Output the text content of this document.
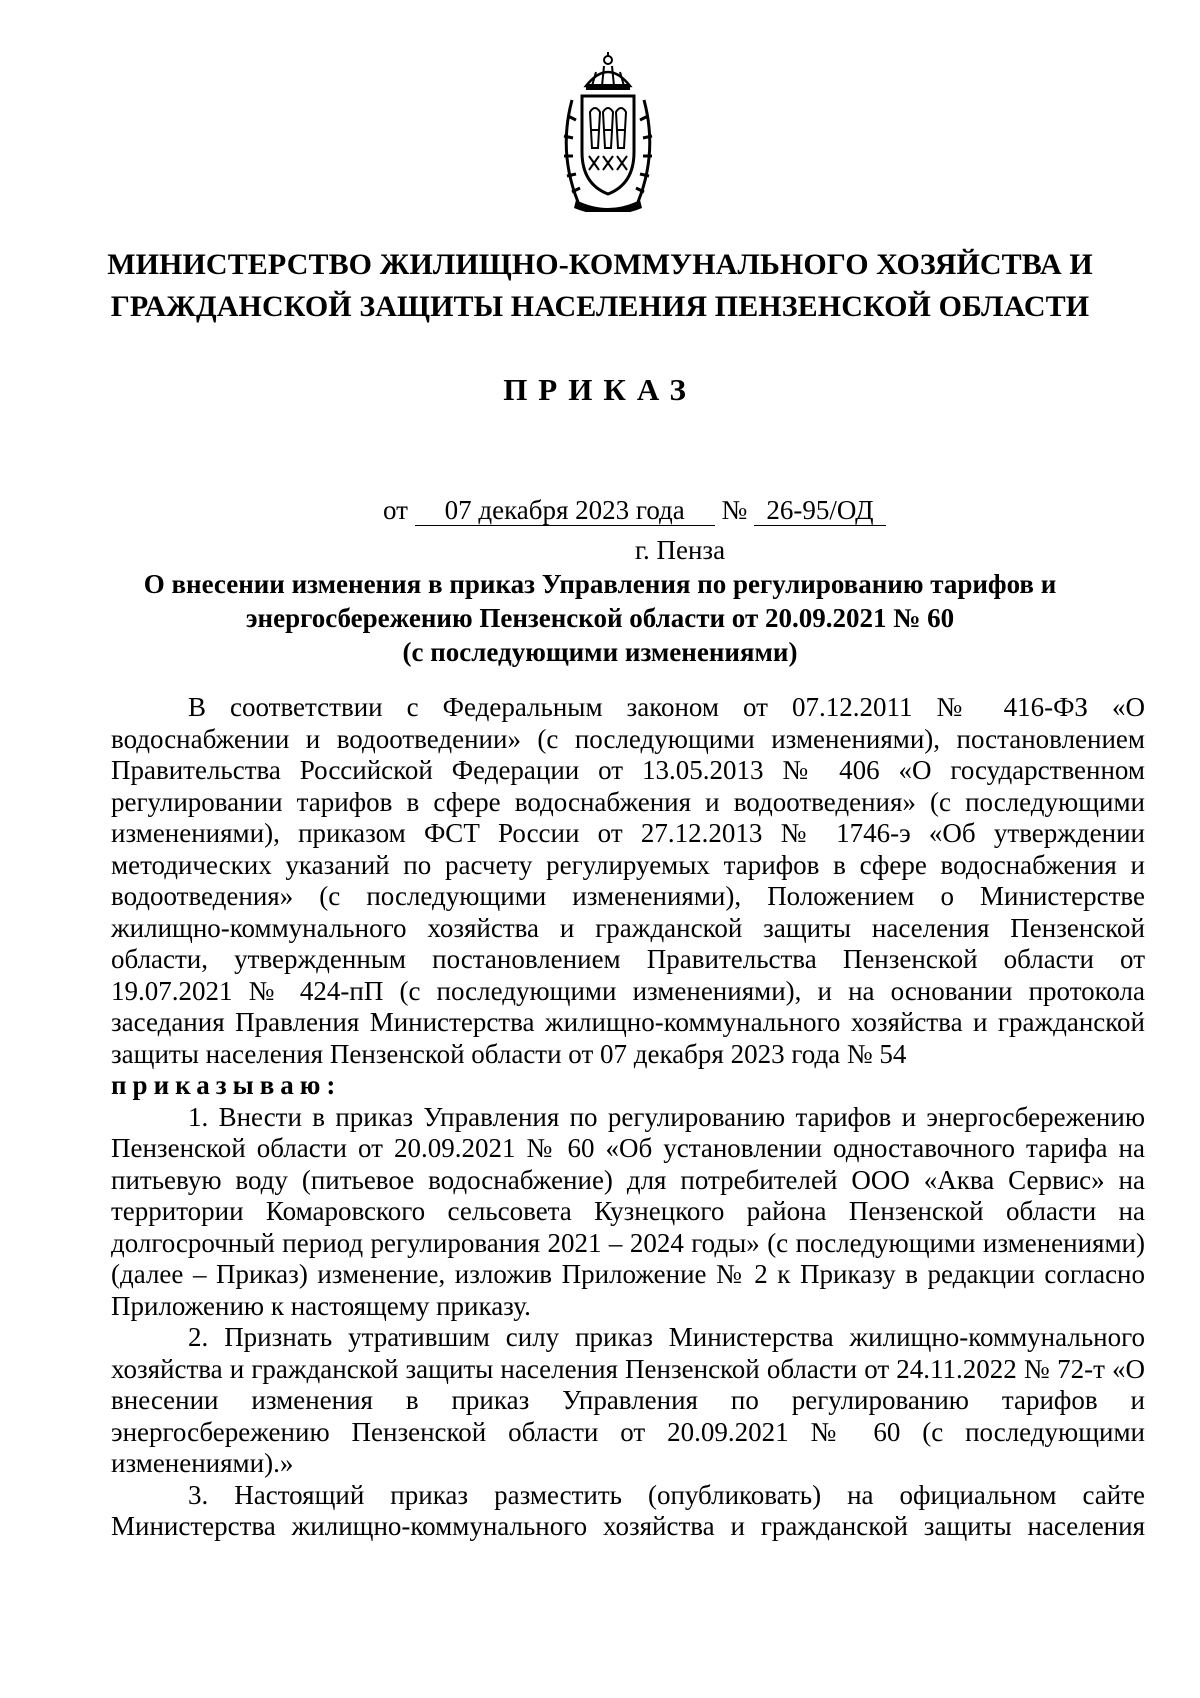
МИНИСТЕРСТВО ЖИЛИЩНО-КОММУНАЛЬНОГО ХОЗЯЙСТВА И
ГРАЖДАНСКОЙ ЗАЩИТЫ НАСЕЛЕНИЯ ПЕНЗЕНСКОЙ ОБЛАСТИ
ПРИКАЗ
от 07 декабря 2023 года № 26-95/ОД
г. Пенза
О внесении изменения в приказ Управления по регулированию тарифов и
энергосбережению Пензенской области от 20.09.2021 № 60
(с последующими изменениями)

В соответствии с Федеральным законом от 07.12.2011 № 416-ФЗ «О водоснабжении и водоотведении» (с последующими изменениями), постановлением Правительства Российской Федерации от 13.05.2013 № 406 «О государственном регулировании тарифов в сфере водоснабжения и водоотведения» (с последующими изменениями), приказом ФСТ России от 27.12.2013 № 1746-э «Об утверждении методических указаний по расчету регулируемых тарифов в сфере водоснабжения и водоотведения» (с последующими изменениями), Положением о Министерстве жилищно-коммунального хозяйства и гражданской защиты населения Пензенской области, утвержденным постановлением Правительства Пензенской области от 19.07.2021 № 424-пП (с последующими изменениями), и на основании протокола заседания Правления Министерства жилищно-коммунального хозяйства и гражданской защиты населения Пензенской области от 07 декабря 2023 года № 54

приказываю:

1. Внести в приказ Управления по регулированию тарифов и энергосбережению Пензенской области от 20.09.2021 № 60 «Об установлении одноставочного тарифа на питьевую воду (питьевое водоснабжение) для потребителей ООО «Аква Сервис» на территории Комаровского сельсовета Кузнецкого района Пензенской области на долгосрочный период регулирования 2021 – 2024 годы» (с последующими изменениями) (далее – Приказ) изменение, изложив Приложение № 2 к Приказу в редакции согласно Приложению к настоящему приказу.

2. Признать утратившим силу приказ Министерства жилищно-коммунального хозяйства и гражданской защиты населения Пензенской области от 24.11.2022 № 72-т «О внесении изменения в приказ Управления по регулированию тарифов и энергосбережению Пензенской области от 20.09.2021 № 60 (с последующими изменениями).»

3. Настоящий приказ разместить (опубликовать) на официальном сайте Министерства жилищно-коммунального хозяйства и гражданской защиты населения
